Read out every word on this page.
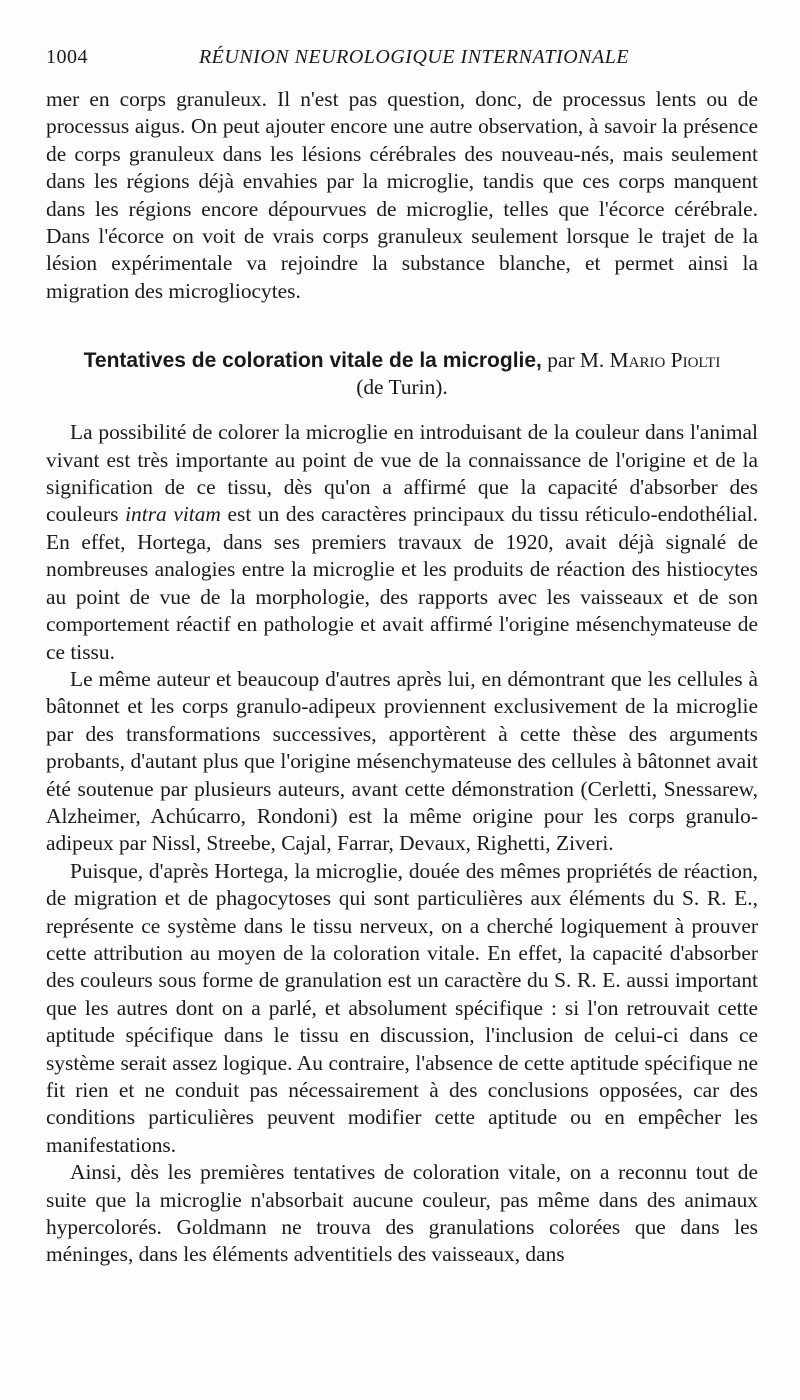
1004	RÉUNION NEUROLOGIQUE INTERNATIONALE

mer en corps granuleux. Il n'est pas question, donc, de processus lents ou de processus aigus. On peut ajouter encore une autre observation, à savoir la présence de corps granuleux dans les lésions cérébrales des nouveau-nés, mais seulement dans les régions déjà envahies par la microglie, tandis que ces corps manquent dans les régions encore dépourvues de microglie, telles que l'écorce cérébrale. Dans l'écorce on voit de vrais corps granuleux seulement lorsque le trajet de la lésion expérimentale va rejoindre la substance blanche, et permet ainsi la migration des microgliocytes.

Tentatives de coloration vitale de la microglie, par M. Mario Piolti
(de Turin).

La possibilité de colorer la microglie en introduisant de la couleur dans l'animal vivant est très importante au point de vue de la connaissance de l'origine et de la signification de ce tissu, dès qu'on a affirmé que la capacité d'absorber des couleurs intra vitam est un des caractères principaux du tissu réticulo-endothélial. En effet, Hortega, dans ses premiers travaux de 1920, avait déjà signalé de nombreuses analogies entre la microglie et les produits de réaction des histiocytes au point de vue de la morphologie, des rapports avec les vaisseaux et de son comportement réactif en pathologie et avait affirmé l'origine mésenchymateuse de ce tissu.

Le même auteur et beaucoup d'autres après lui, en démontrant que les cellules à bâtonnet et les corps granulo-adipeux proviennent exclusivement de la microglie par des transformations successives, apportèrent à cette thèse des arguments probants, d'autant plus que l'origine mésenchymateuse des cellules à bâtonnet avait été soutenue par plusieurs auteurs, avant cette démonstration (Cerletti, Snessarew, Alzheimer, Achúcarro, Rondoni) est la même origine pour les corps granulo-adipeux par Nissl, Streebe, Cajal, Farrar, Devaux, Righetti, Ziveri.

Puisque, d'après Hortega, la microglie, douée des mêmes propriétés de réaction, de migration et de phagocytoses qui sont particulières aux éléments du S. R. E., représente ce système dans le tissu nerveux, on a cherché logiquement à prouver cette attribution au moyen de la coloration vitale. En effet, la capacité d'absorber des couleurs sous forme de granulation est un caractère du S. R. E. aussi important que les autres dont on a parlé, et absolument spécifique : si l'on retrouvait cette aptitude spécifique dans le tissu en discussion, l'inclusion de celui-ci dans ce système serait assez logique. Au contraire, l'absence de cette aptitude spécifique ne fit rien et ne conduit pas nécessairement à des conclusions opposées, car des conditions particulières peuvent modifier cette aptitude ou en empêcher les manifestations.

Ainsi, dès les premières tentatives de coloration vitale, on a reconnu tout de suite que la microglie n'absorbait aucune couleur, pas même dans des animaux hypercolorés. Goldmann ne trouva des granulations colorées que dans les méninges, dans les éléments adventitiels des vaisseaux, dans
